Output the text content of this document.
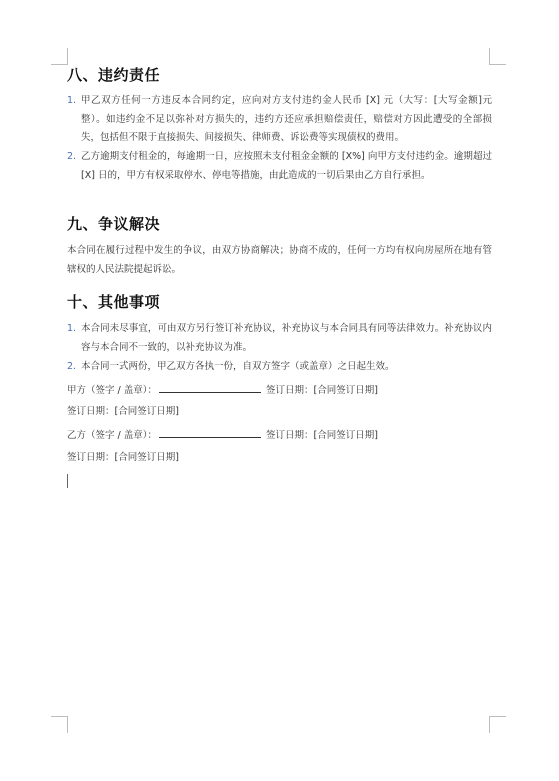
八、违约责任
1. 甲乙双方任何一方违反本合同约定，应向对方支付违约金人民币 [X] 元（大写：[大写金额]元整）。如违约金不足以弥补对方损失的，违约方还应承担赔偿责任，赔偿对方因此遭受的全部损失，包括但不限于直接损失、间接损失、律师费、诉讼费等实现债权的费用。
2. 乙方逾期支付租金的，每逾期一日，应按照未支付租金金额的 [X%] 向甲方支付违约金。逾期超过 [X] 日的，甲方有权采取停水、停电等措施，由此造成的一切后果由乙方自行承担。
九、争议解决
本合同在履行过程中发生的争议，由双方协商解决；协商不成的，任何一方均有权向房屋所在地有管辖权的人民法院提起诉讼。
十、其他事项
1. 本合同未尽事宜，可由双方另行签订补充协议，补充协议与本合同具有同等法律效力。补充协议内容与本合同不一致的，以补充协议为准。
2. 本合同一式两份，甲乙双方各执一份，自双方签字（或盖章）之日起生效。
甲方（签字 / 盖章）：	签订日期：[合同签订日期]
签订日期：[合同签订日期]
乙方（签字 / 盖章）：	签订日期：[合同签订日期]
签订日期：[合同签订日期]
